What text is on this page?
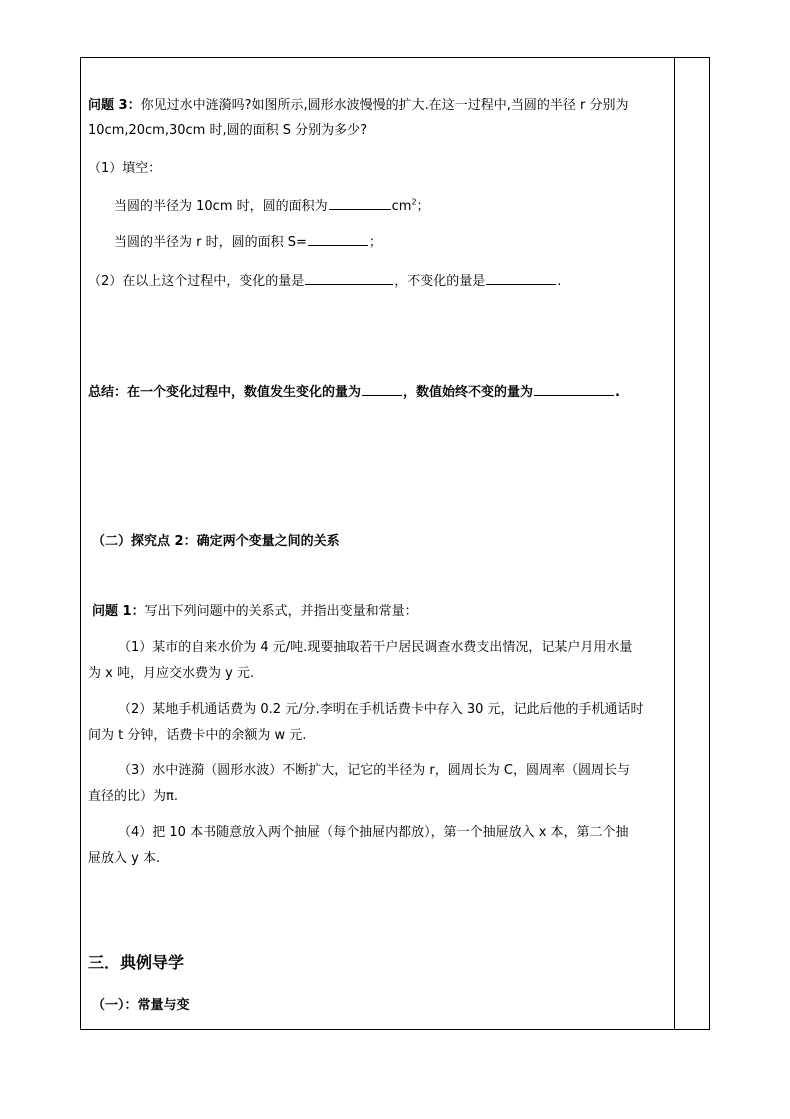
问题 3：你见过水中涟漪吗?如图所示,圆形水波慢慢的扩大.在这一过程中,当圆的半径 r 分别为
10cm,20cm,30cm 时,圆的面积 S 分别为多少?
（1）填空：
当圆的半径为 10cm 时，圆的面积为	$cm^2$；
当圆的半径为 r 时，圆的面积 S=	；
（2）在以上这个过程中，变化的量是	，不变化的量是	.
总结：在一个变化过程中，数值发生变化的量为	，数值始终不变的量为	.
（二）探究点 2：确定两个变量之间的关系
问题 1：写出下列问题中的关系式，并指出变量和常量：
（1）某市的自来水价为 4 元/吨.现要抽取若干户居民调查水费支出情况，记某户月用水量
为 x 吨，月应交水费为 y 元.
（2）某地手机通话费为 0.2 元/分.李明在手机话费卡中存入 30 元，记此后他的手机通话时
间为 t 分钟，话费卡中的余额为 w 元.
（3）水中涟漪（圆形水波）不断扩大，记它的半径为 r，圆周长为 C，圆周率（圆周长与
直径的比）为π.
（4）把 10 本书随意放入两个抽屉（每个抽屉内都放），第一个抽屉放入 x 本，第二个抽
屉放入 y 本.
三．典例导学
（一）：常量与变
